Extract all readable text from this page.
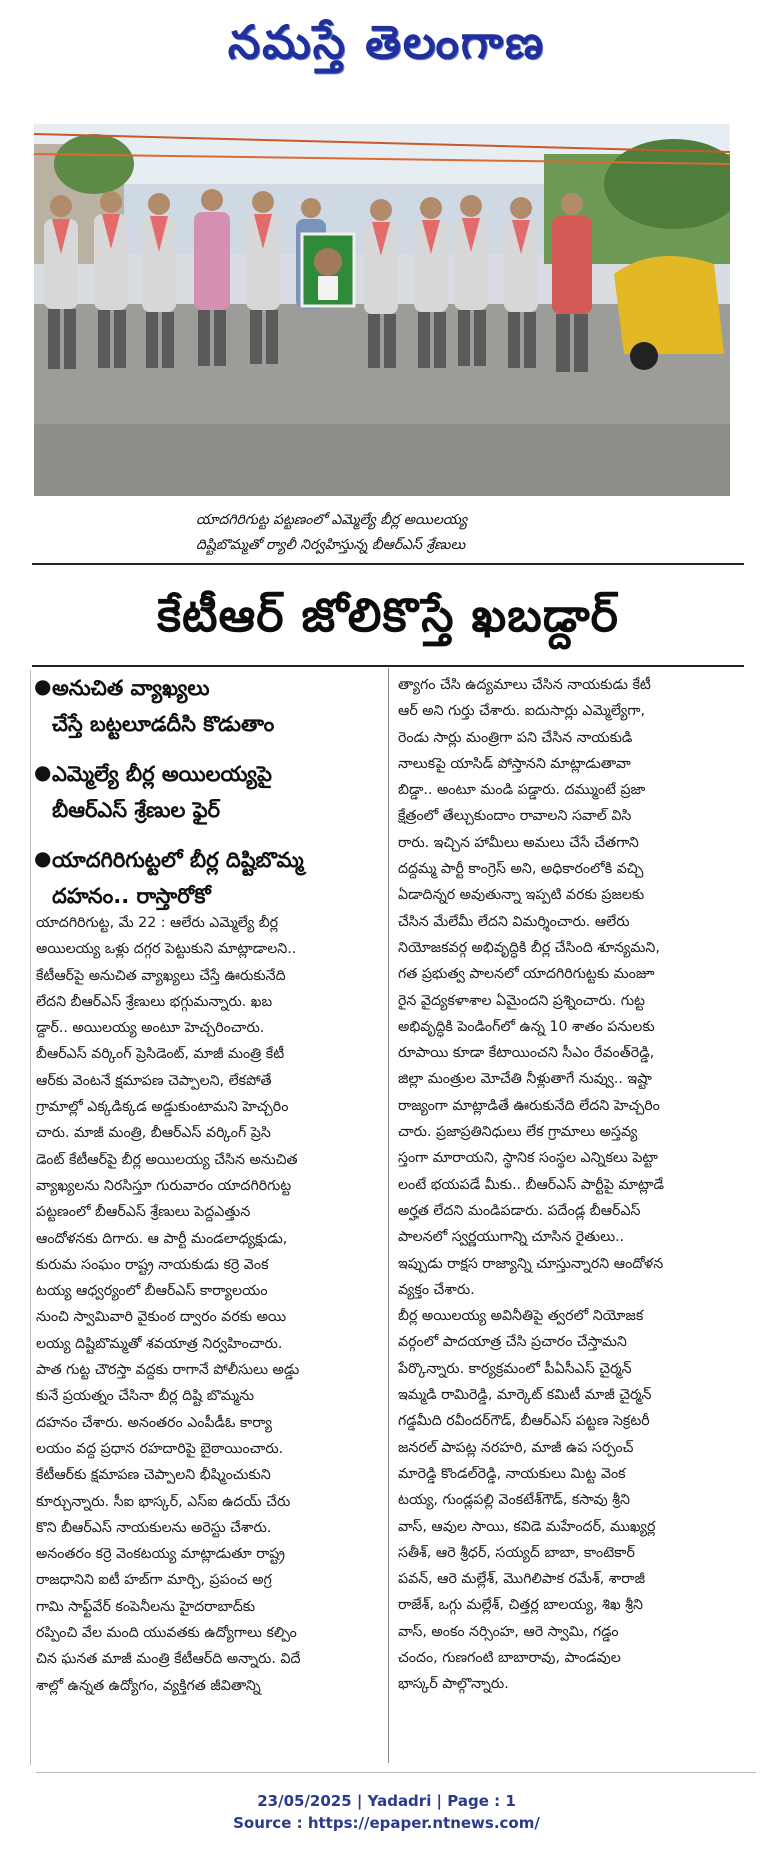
నమస్తే తెలంగాణ
యాదగిరిగుట్ట పట్టణంలో ఎమ్మెల్యే బీర్ల అయిలయ్య
దిష్టిబొమ్మతో ర్యాలీ నిర్వహిస్తున్న బీఆర్‌ఎస్‌ శ్రేణులు
కేటీఆర్‌ జోలికొస్తే ఖబడ్దార్‌
● అనుచిత వ్యాఖ్యలు
చేస్తే బట్టలూడదీసి కొడుతాం
● ఎమ్మెల్యే బీర్ల అయిలయ్యపై
బీఆర్‌ఎస్‌ శ్రేణుల ఫైర్‌
● యాదగిరిగుట్టలో బీర్ల దిష్టిబొమ్మ
దహనం.. రాస్తారోకో
యాదగిరిగుట్ట, మే 22 : ఆలేరు ఎమ్మెల్యే బీర్ల
అయిలయ్య ఒళ్లు దగ్గర పెట్టుకుని మాట్లాడాలని..
కేటీఆర్‌పై అనుచిత వ్యాఖ్యలు చేస్తే ఊరుకునేది
లేదని బీఆర్‌ఎస్‌ శ్రేణులు భగ్గుమన్నారు. ఖబ
డ్దార్‌.. అయిలయ్య అంటూ హెచ్చరించారు.
బీఆర్‌ఎస్‌ వర్కింగ్‌ ప్రెసిడెంట్‌, మాజీ మంత్రి కేటీ
ఆర్‌కు వెంటనే క్షమాపణ చెప్పాలని, లేకపోతే
గ్రామాల్లో ఎక్కడిక్కడ అడ్డుకుంటామని హెచ్చరిం
చారు. మాజీ మంత్రి, బీఆర్‌ఎస్‌ వర్కింగ్‌ ప్రెసి
డెంట్‌ కేటీఆర్‌పై బీర్ల అయిలయ్య చేసిన అనుచిత
వ్యాఖ్యలను నిరసిస్తూ గురువారం యాదగిరిగుట్ట
పట్టణంలో బీఆర్‌ఎస్‌ శ్రేణులు పెద్దఎత్తున
ఆందోళనకు దిగారు. ఆ పార్టీ మండలాధ్యక్షుడు,
కురుమ సంఘం రాష్ట్ర నాయకుడు కర్రె వెంక
టయ్య ఆధ్వర్యంలో బీఆర్‌ఎస్‌ కార్యాలయం
నుంచి స్వామివారి వైకుంఠ ద్వారం వరకు అయి
లయ్య దిష్టిబొమ్మతో శవయాత్ర నిర్వహించారు.
పాత గుట్ట చౌరస్తా వద్దకు రాగానే పోలీసులు అడ్డు
కునే ప్రయత్నం చేసినా బీర్ల దిష్టి బొమ్మను
దహనం చేశారు. అనంతరం ఎంపీడీఓ కార్యా
లయం వద్ద ప్రధాన రహదారిపై బైఠాయించారు.
కేటీఆర్‌కు క్షమాపణ చెప్పాలని భీష్మించుకుని
కూర్చున్నారు. సీఐ భాస్కర్‌, ఎస్‌ఐ ఉదయ్‌ చేరు
కొని బీఆర్‌ఎస్‌ నాయకులను అరెస్టు చేశారు.
అనంతరం కర్రె వెంకటయ్య మాట్లాడుతూ రాష్ట్ర
రాజధానిని ఐటీ హబ్‌గా మార్చి, ప్రపంచ అగ్ర
గామి సాఫ్ట్‌వేర్‌ కంపెనీలను హైదరాబాద్‌కు
రప్పించి వేల మంది యువతకు ఉద్యోగాలు కల్పిం
చిన ఘనత మాజీ మంత్రి కేటీఆర్‌ది అన్నారు. విదే
శాల్లో ఉన్నత ఉద్యోగం, వ్యక్తిగత జీవితాన్ని
త్యాగం చేసి ఉద్యమాలు చేసిన నాయకుడు కేటీ
ఆర్‌ అని గుర్తు చేశారు. ఐదుసార్లు ఎమ్మెల్యేగా,
రెండు సార్లు మంత్రిగా పని చేసిన నాయకుడి
నాలుకపై యాసిడ్‌ పోస్తానని మాట్లాడుతావా
బిడ్డా.. అంటూ మండి పడ్డారు. దమ్ముంటే ప్రజా
క్షేత్రంలో తేల్చుకుందాం రావాలని సవాల్‌ విసి
రారు. ఇచ్చిన హామీలు అమలు చేసే చేతగాని
దద్దమ్మ పార్టీ కాంగ్రెస్‌ అని, అధికారంలోకి వచ్చి
ఏడాదిన్నర అవుతున్నా ఇప్పటి వరకు ప్రజలకు
చేసిన మేలేమీ లేదని విమర్శించారు. ఆలేరు
నియోజకవర్గ అభివృద్ధికి బీర్ల చేసింది శూన్యమని,
గత ప్రభుత్వ పాలనలో యాదగిరిగుట్టకు మంజూ
రైన వైద్యకళాశాల ఏమైందని ప్రశ్నించారు. గుట్ట
అభివృద్ధికి పెండింగ్‌లో ఉన్న 10 శాతం పనులకు
రూపాయి కూడా కేటాయించని సీఎం రేవంత్‌రెడ్డి,
జిల్లా మంత్రుల మోచేతి నీళ్లుతాగే నువ్వు.. ఇష్టా
రాజ్యంగా మాట్లాడితే ఊరుకునేది లేదని హెచ్చరిం
చారు. ప్రజాప్రతినిధులు లేక గ్రామాలు అస్తవ్య
స్తంగా మారాయని, స్థానిక సంస్థల ఎన్నికలు పెట్టా
లంటే భయపడే మీకు.. బీఆర్‌ఎస్‌ పార్టీపై మాట్లాడే
అర్హత లేదని మండిపడారు. పదేండ్ల బీఆర్‌ఎస్‌
పాలనలో స్వర్ణయుగాన్ని చూసిన రైతులు..
ఇప్పుడు రాక్షస రాజ్యాన్ని చూస్తున్నారని ఆందోళన
వ్యక్తం చేశారు.
బీర్ల అయిలయ్య అవినీతిపై త్వరలో నియోజక
వర్గంలో పాదయాత్ర చేసి ప్రచారం చేస్తామని
పేర్కొన్నారు. కార్యక్రమంలో పీఏసీఎస్‌ చైర్మన్‌
ఇమ్మడి రామిరెడ్డి, మార్కెట్‌ కమిటీ మాజీ చైర్మన్‌
గడ్డమీది రవీందర్‌గౌడ్‌, బీఆర్‌ఎస్‌ పట్టణ సెక్రటరీ
జనరల్‌ పాపట్ల నరహరి, మాజీ ఉప సర్పంచ్‌
మారెడ్డి కొండల్‌రెడ్డి, నాయకులు మిట్ట వెంక
టయ్య, గుండ్లపల్లి వెంకటేశ్‌గౌడ్‌, కసావు శ్రీని
వాస్‌, ఆవుల సాయి, కవిడె మహేందర్‌, ముఖ్యర్ల
సతీశ్‌, ఆరె శ్రీధర్‌, సయ్యద్‌ బాబా, కాంటెకార్‌
పవన్‌, ఆరె మల్లేశ్‌, మొగిలిపాక రమేశ్‌, శారాజీ
రాజేశ్‌, ఒగ్గు మల్లేశ్‌, చిత్తర్ల బాలయ్య, శిఖ శ్రీని
వాస్‌, అంకం నర్సింహ, ఆరె స్వామి, గడ్డం
చందం, గుణగంటి బాబారావు, పాండవుల
భాస్కర్‌ పాల్గొన్నారు.
23/05/2025 | Yadadri | Page : 1
Source : https://epaper.ntnews.com/
